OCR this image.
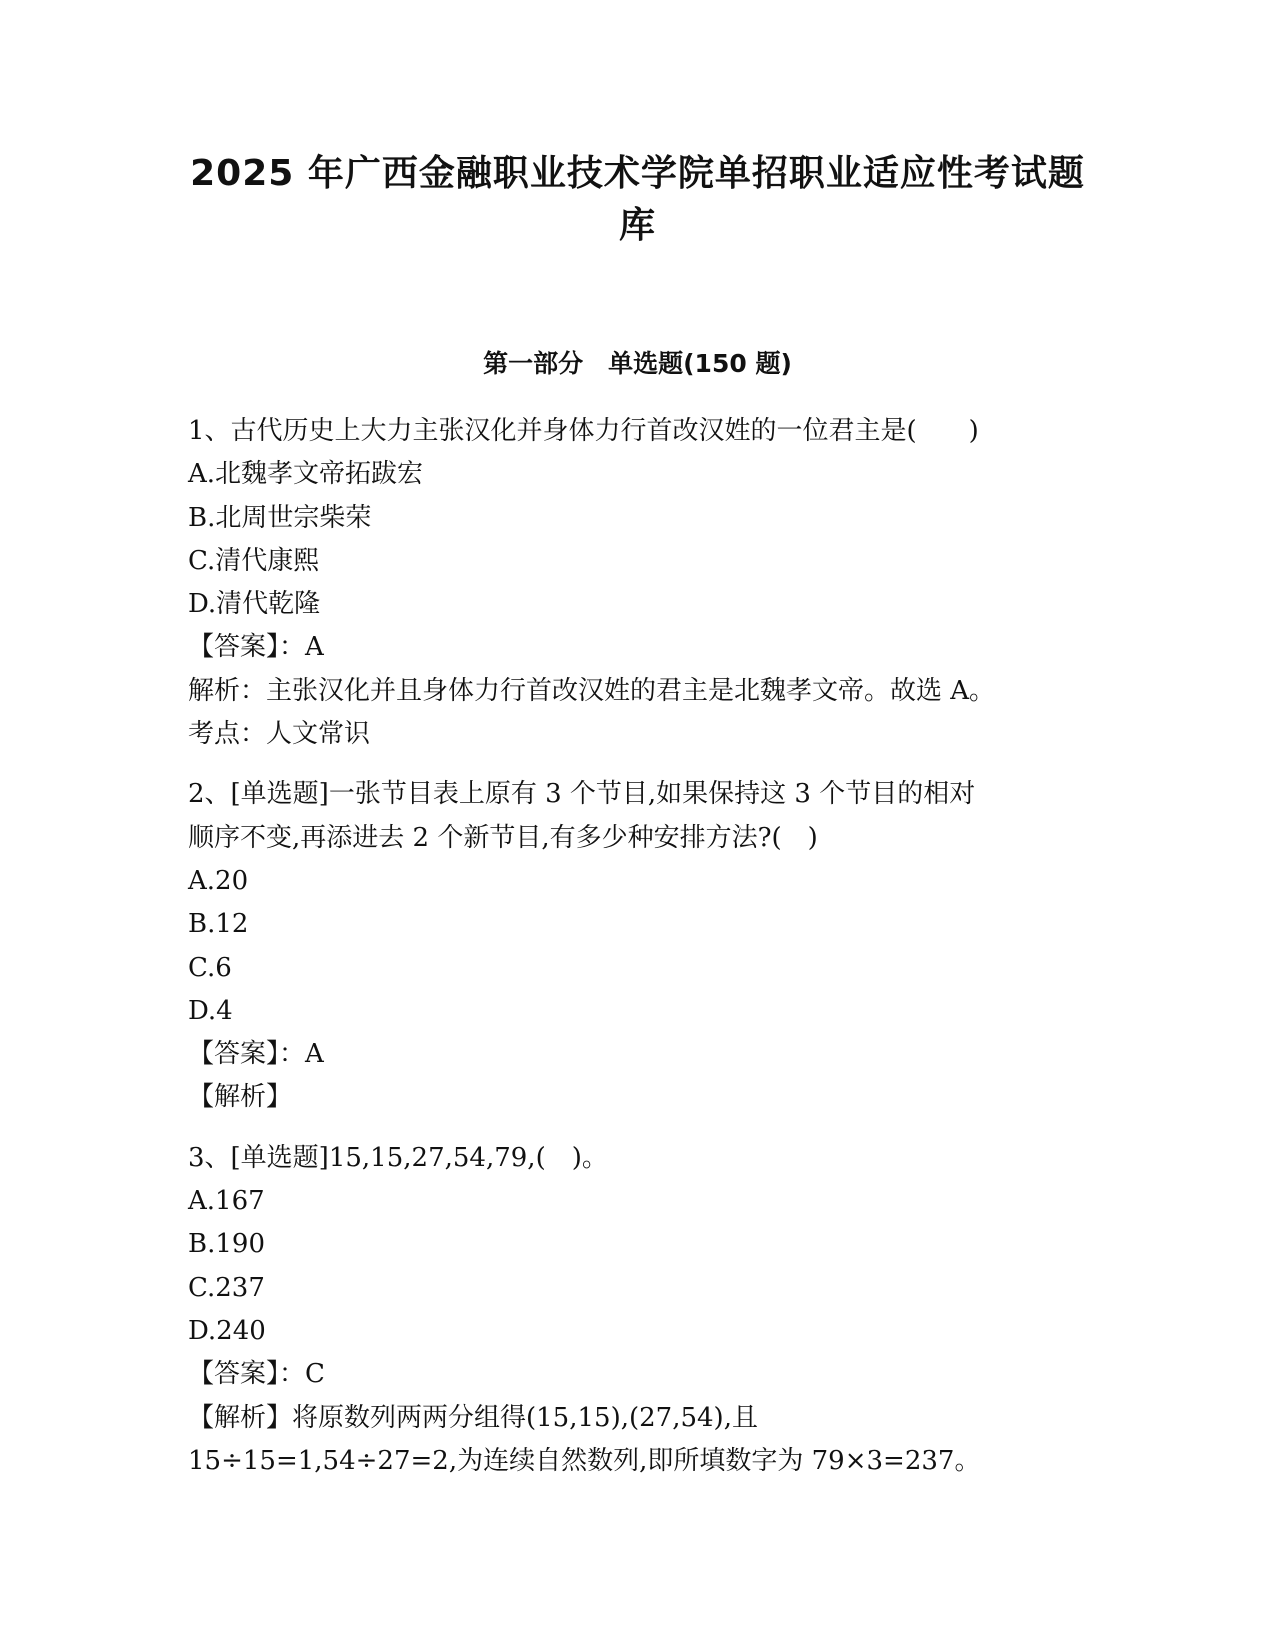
2025 年广西金融职业技术学院单招职业适应性考试题
库
第一部分　单选题(150 题)
1、古代历史上大力主张汉化并身体力行首改汉姓的一位君主是(　　)
A.北魏孝文帝拓跋宏
B.北周世宗柴荣
C.清代康熙
D.清代乾隆
【答案】：A
解析：主张汉化并且身体力行首改汉姓的君主是北魏孝文帝。故选 A。
考点：人文常识
2、[单选题]一张节目表上原有 3 个节目,如果保持这 3 个节目的相对
顺序不变,再添进去 2 个新节目,有多少种安排方法?(　)
A.20
B.12
C.6
D.4
【答案】：A
【解析】
3、[单选题]15,15,27,54,79,(　)。
A.167
B.190
C.237
D.240
【答案】：C
【解析】将原数列两两分组得(15,15),(27,54),且
15÷15=1,54÷27=2,为连续自然数列,即所填数字为 79×3=237。
